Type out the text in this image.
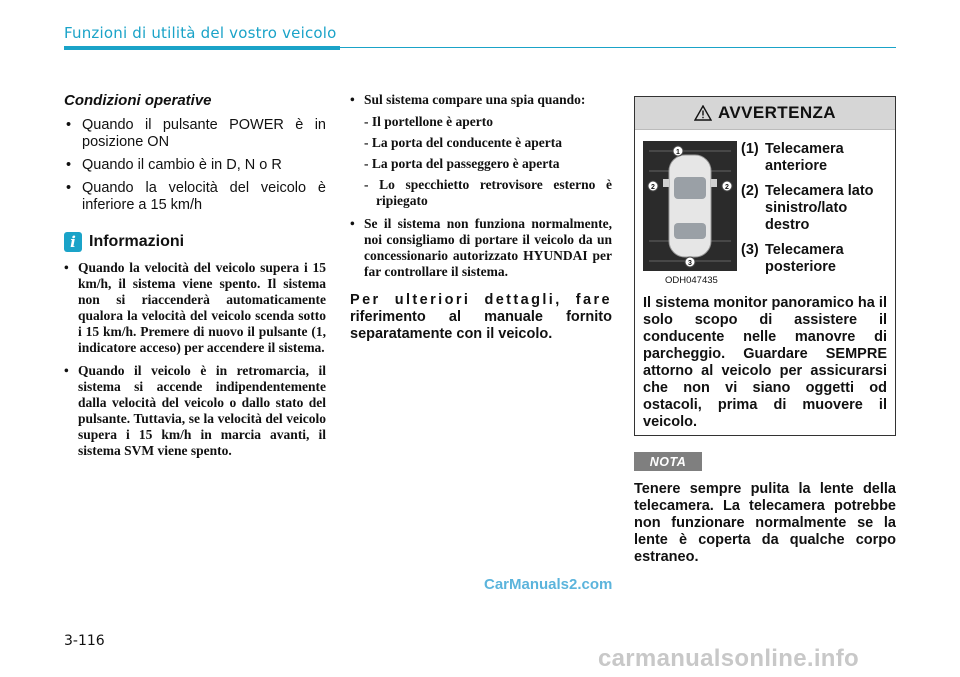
Funzioni di utilità del vostro veicolo
Condizioni operative
• Quando il pulsante POWER è in posizione ON
• Quando il cambio è in D, N o R
• Quando la velocità del veicolo è inferiore a 15 km/h
i Informazioni
• Quando la velocità del veicolo supera i 15 km/h, il sistema viene spento. Il sistema non si riaccenderà automaticamente qualora la velocità del veicolo scenda sotto i 15 km/h. Premere di nuovo il pulsante (1, indicatore acceso) per accendere il sistema.
• Quando il veicolo è in retromarcia, il sistema si accende indipendentemente dalla velocità del veicolo o dallo stato del pulsante. Tuttavia, se la velocità del veicolo supera i 15 km/h in marcia avanti, il sistema SVM viene spento.
• Sul sistema compare una spia quando:
- Il portellone è aperto
- La porta del conducente è aperta
- La porta del passeggero è aperta
- Lo specchietto retrovisore esterno è ripiegato
• Se il sistema non funziona normalmente, noi consigliamo di portare il veicolo da un concessionario autorizzato HYUNDAI per far controllare il sistema.
Per ulteriori dettagli, fare riferimento al manuale fornito separatamente con il veicolo.
AVVERTENZA
1
2	2
3
ODH047435
(1) Telecamera anteriore
(2) Telecamera lato sinistro/lato destro
(3) Telecamera posteriore
Il sistema monitor panoramico ha il solo scopo di assistere il conducente nelle manovre di parcheggio. Guardare SEMPRE attorno al veicolo per assicurarsi che non vi siano oggetti od ostacoli, prima di muovere il veicolo.
NOTA
Tenere sempre pulita la lente della telecamera. La telecamera potrebbe non funzionare normalmente se la lente è coperta da qualche corpo estraneo.
CarManuals2.com
3-116
carmanualsonline.info
